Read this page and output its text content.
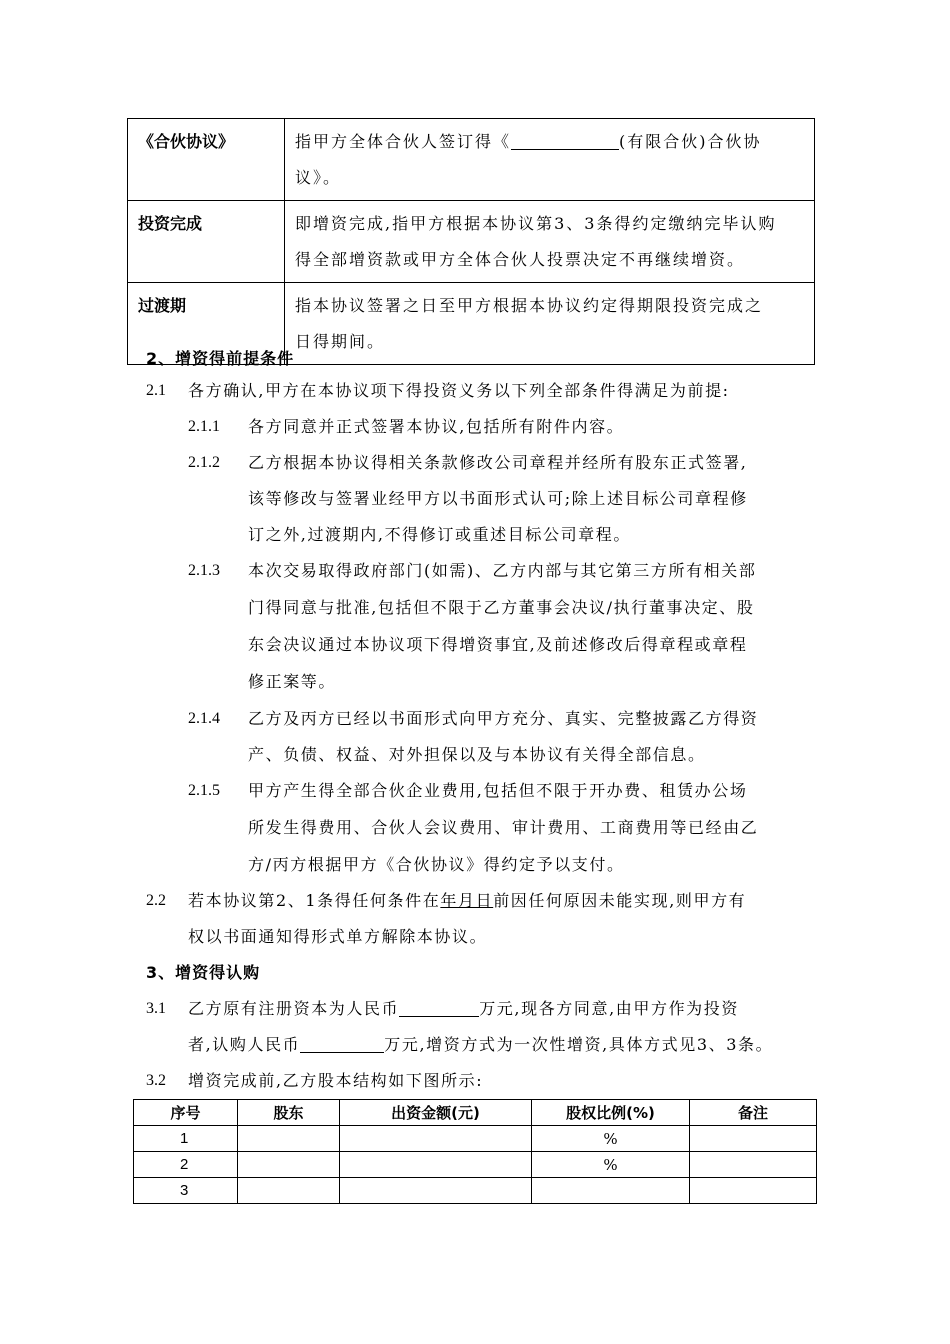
《合伙协议》	指甲方全体合伙人签订得《 (有限合伙)合伙协
议》。

投资完成	即增资完成,指甲方根据本协议第3、3条得约定缴纳完毕认购
得全部增资款或甲方全体合伙人投票决定不再继续增资。

过渡期	指本协议签署之日至甲方根据本协议约定得期限投资完成之
日得期间。
2、增资得前提条件
2.1 各方确认,甲方在本协议项下得投资义务以下列全部条件得满足为前提:
2.1.1 各方同意并正式签署本协议,包括所有附件内容。
2.1.2 乙方根据本协议得相关条款修改公司章程并经所有股东正式签署,
该等修改与签署业经甲方以书面形式认可;除上述目标公司章程修
订之外,过渡期内,不得修订或重述目标公司章程。
2.1.3 本次交易取得政府部门(如需)、乙方内部与其它第三方所有相关部
门得同意与批准,包括但不限于乙方董事会决议/执行董事决定、股
东会决议通过本协议项下得增资事宜,及前述修改后得章程或章程
修正案等。
2.1.4 乙方及丙方已经以书面形式向甲方充分、真实、完整披露乙方得资
产、负债、权益、对外担保以及与本协议有关得全部信息。
2.1.5 甲方产生得全部合伙企业费用,包括但不限于开办费、租赁办公场
所发生得费用、合伙人会议费用、审计费用、工商费用等已经由乙
方/丙方根据甲方《合伙协议》得约定予以支付。
2.2 若本协议第2、1条得任何条件在年月日前因任何原因未能实现,则甲方有
权以书面通知得形式单方解除本协议。
3、增资得认购
3.1 乙方原有注册资本为人民币	万元,现各方同意,由甲方作为投资
者,认购人民币	万元,增资方式为一次性增资,具体方式见3、3条。
3.2 增资完成前,乙方股本结构如下图所示:
序号	股东	出资金额(元)	股权比例(%)	备注
1			%	
2			%	
3				
